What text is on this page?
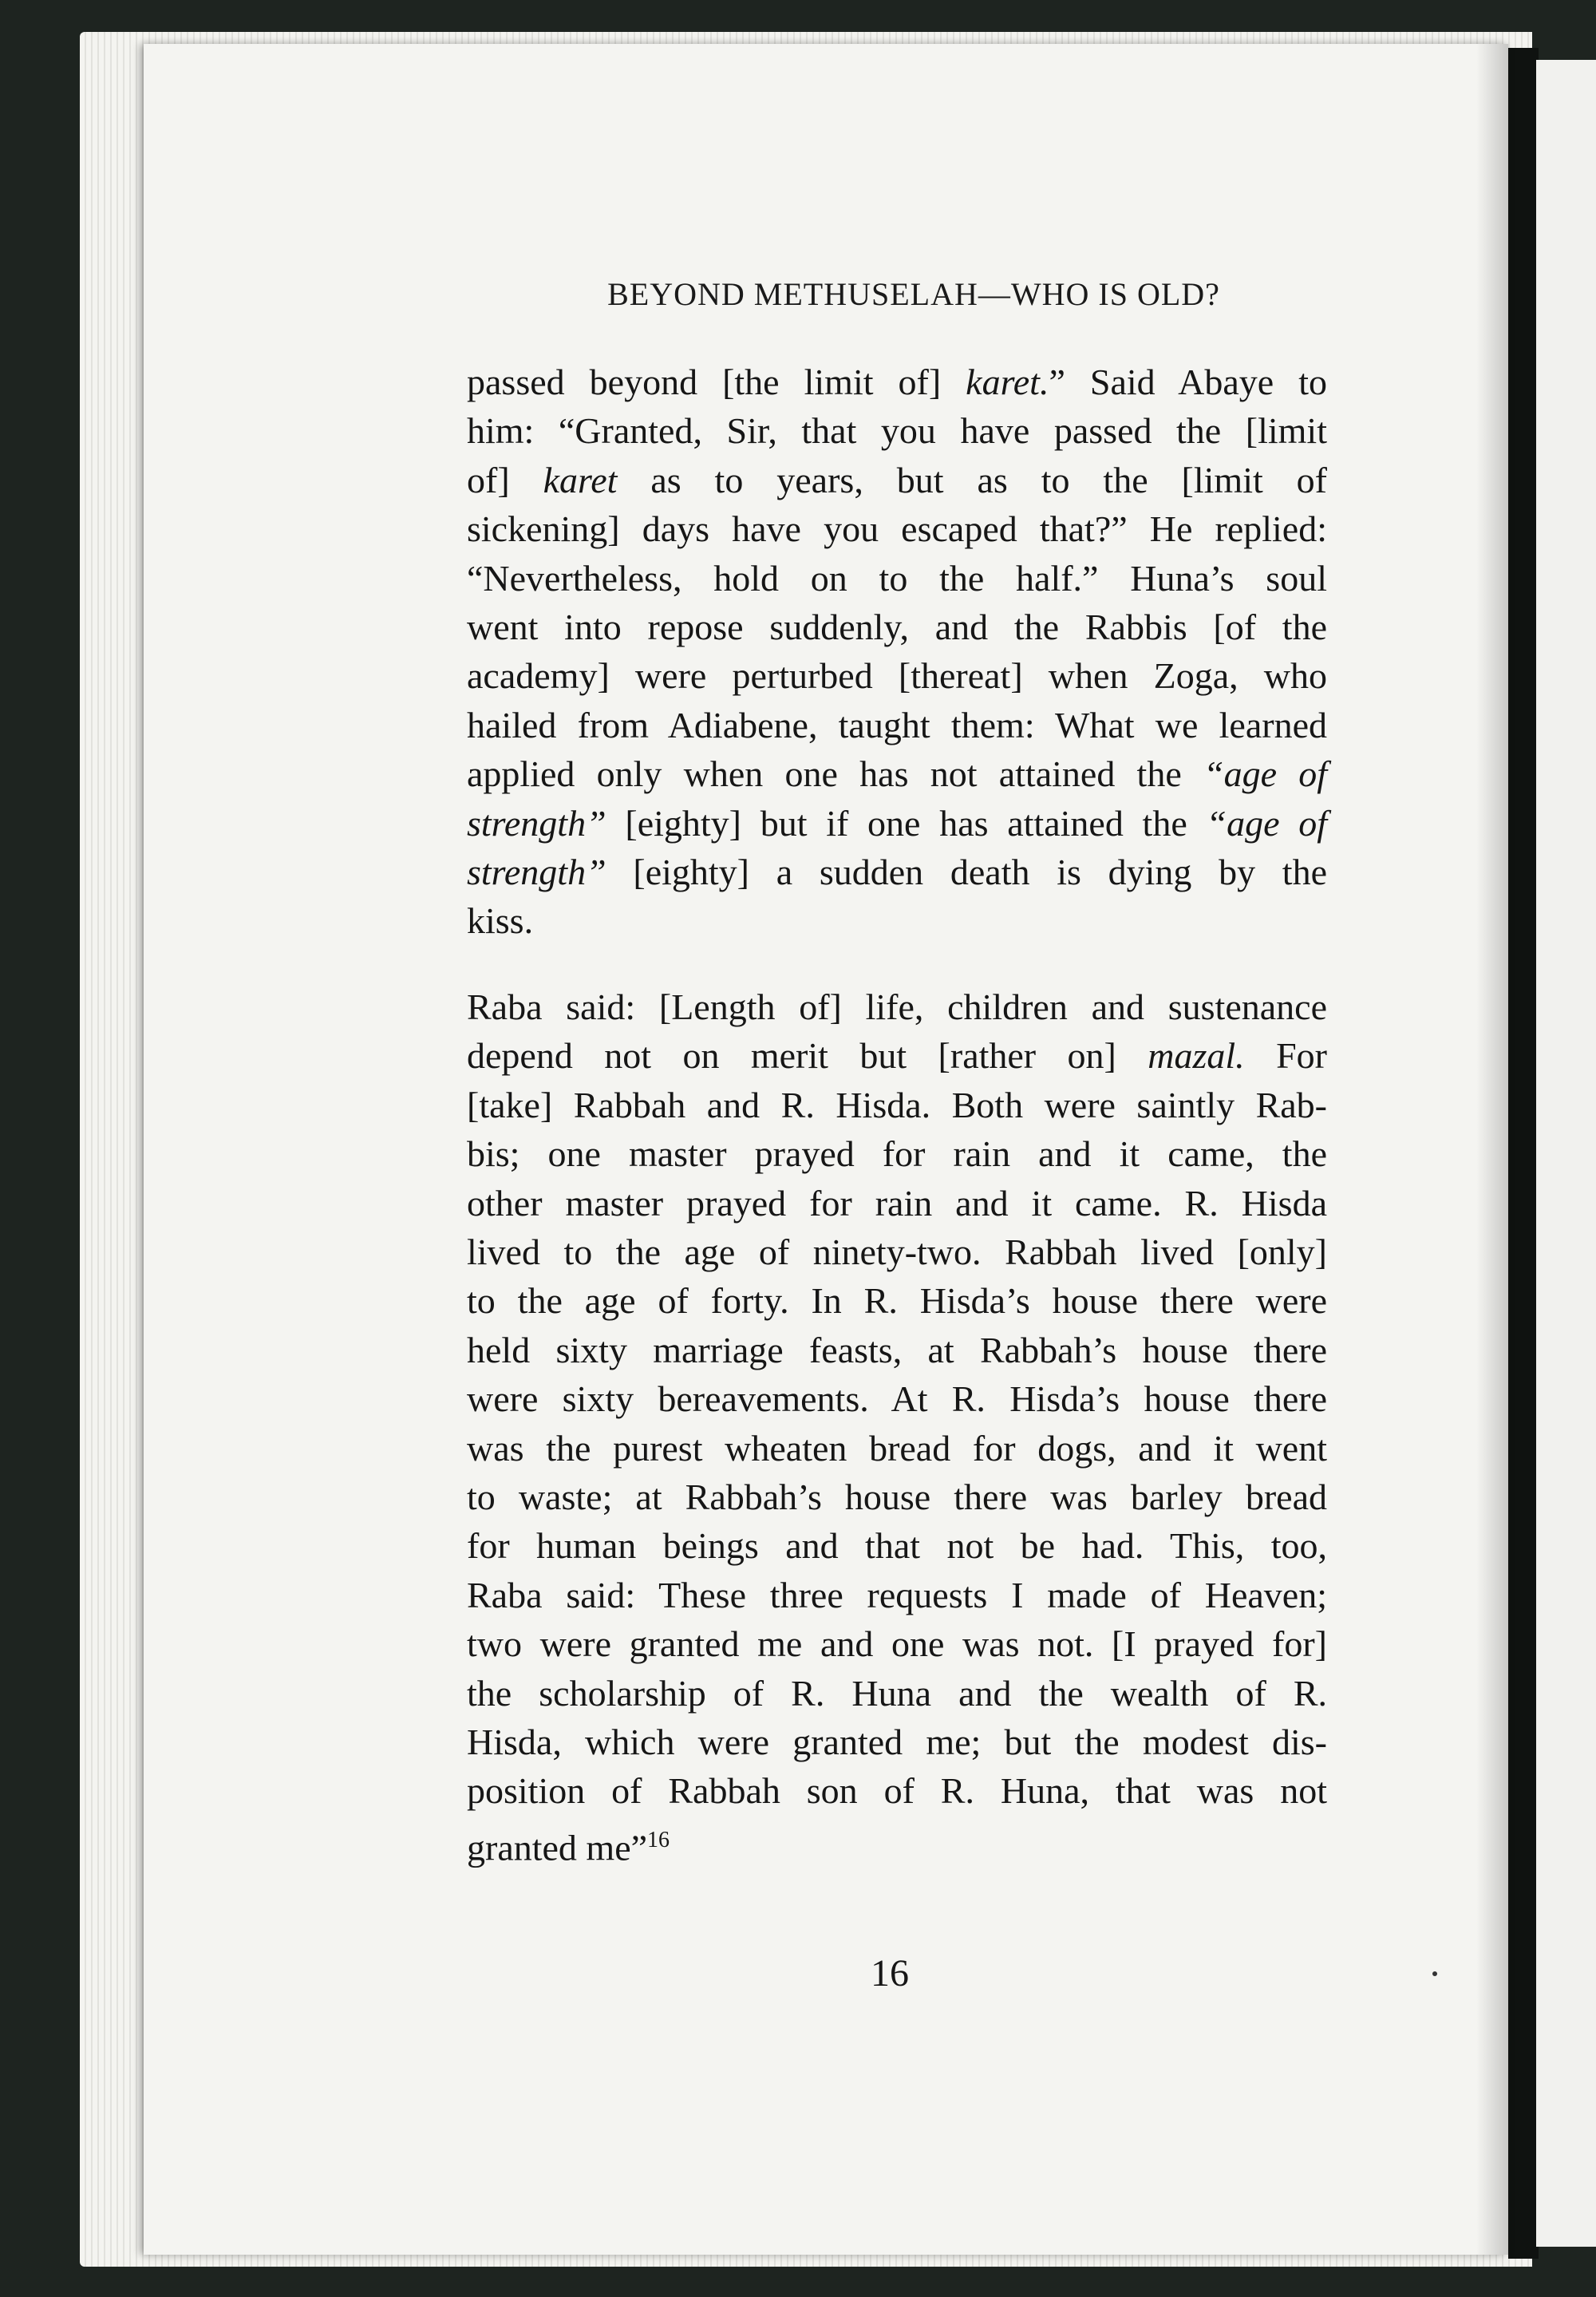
BEYOND METHUSELAH—WHO IS OLD?

passed beyond [the limit of] karet.” Said Abaye to
him: “Granted, Sir, that you have passed the [limit
of] karet as to years, but as to the [limit of
sickening] days have you escaped that?” He replied:
“Nevertheless, hold on to the half.” Huna’s soul
went into repose suddenly, and the Rabbis [of the
academy] were perturbed [thereat] when Zoga, who
hailed from Adiabene, taught them: What we learned
applied only when one has not attained the “age of
strength” [eighty] but if one has attained the “age of
strength” [eighty] a sudden death is dying by the
kiss.

Raba said: [Length of] life, children and sustenance
depend not on merit but [rather on] mazal. For
[take] Rabbah and R. Hisda. Both were saintly Rab-
bis; one master prayed for rain and it came, the
other master prayed for rain and it came. R. Hisda
lived to the age of ninety-two. Rabbah lived [only]
to the age of forty. In R. Hisda’s house there were
held sixty marriage feasts, at Rabbah’s house there
were sixty bereavements. At R. Hisda’s house there
was the purest wheaten bread for dogs, and it went
to waste; at Rabbah’s house there was barley bread
for human beings and that not be had. This, too,
Raba said: These three requests I made of Heaven;
two were granted me and one was not. [I prayed for]
the scholarship of R. Huna and the wealth of R.
Hisda, which were granted me; but the modest dis-
position of Rabbah son of R. Huna, that was not
granted me”$^{16}$

16
